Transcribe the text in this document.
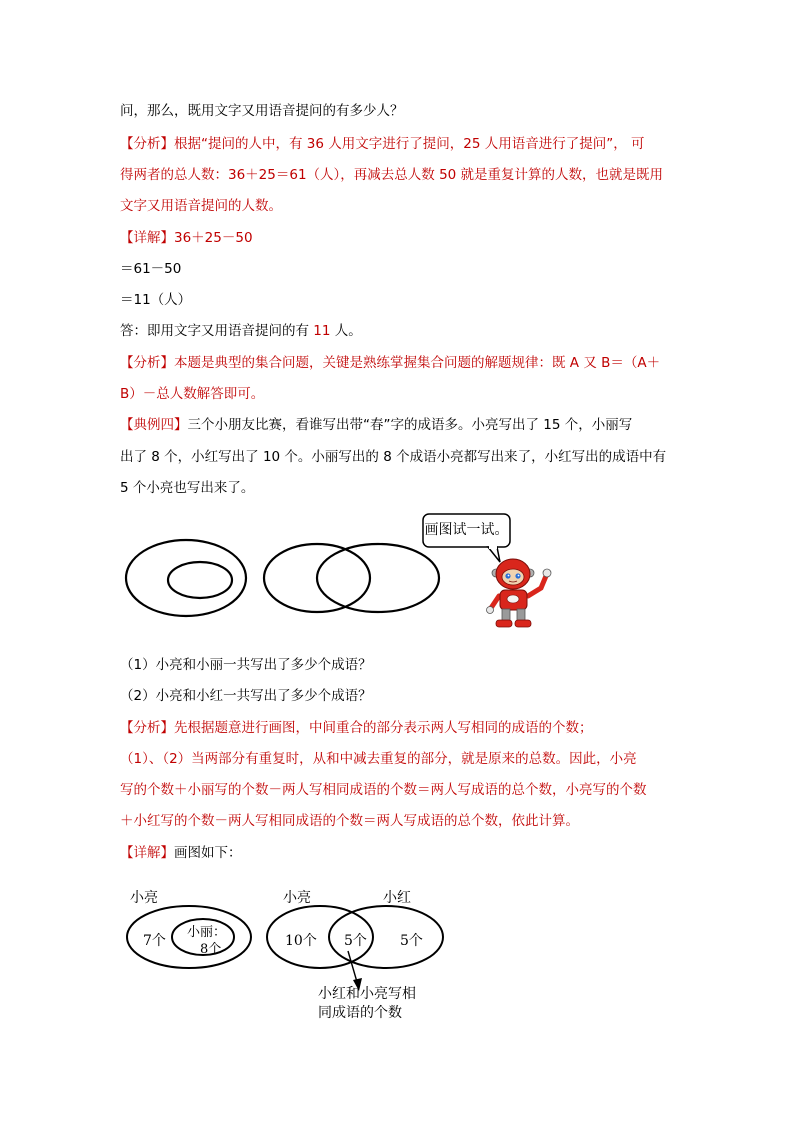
问，那么，既用文字又用语音提问的有多少人？
【分析】根据“提问的人中，有 36 人用文字进行了提问，25 人用语音进行了提问”， 可
得两者的总人数：36＋25＝61（人），再减去总人数 50 就是重复计算的人数，也就是既用
文字又用语音提问的人数。
【详解】36＋25－50
＝61－50
＝11（人）
答：即用文字又用语音提问的有 11 人。
【分析】本题是典型的集合问题，关键是熟练掌握集合问题的解题规律：既 A 又 B＝（A＋
B）－总人数解答即可。
【典例四】三个小朋友比赛，看谁写出带“春”字的成语多。小亮写出了 15 个，小丽写
出了 8 个，小红写出了 10 个。小丽写出的 8 个成语小亮都写出来了，小红写出的成语中有
5 个小亮也写出来了。
画图试一试。
（1）小亮和小丽一共写出了多少个成语？
（2）小亮和小红一共写出了多少个成语？
【分析】先根据题意进行画图，中间重合的部分表示两人写相同的成语的个数；
（1）、（2）当两部分有重复时，从和中减去重复的部分，就是原来的总数。因此，小亮
写的个数＋小丽写的个数－两人写相同成语的个数＝两人写成语的总个数，小亮写的个数
＋小红写的个数－两人写相同成语的个数＝两人写成语的总个数，依此计算。
【详解】画图如下：
小亮
7个
小丽：
8个
小亮	小红
10个 5个 5个
小红和小亮写相
同成语的个数
